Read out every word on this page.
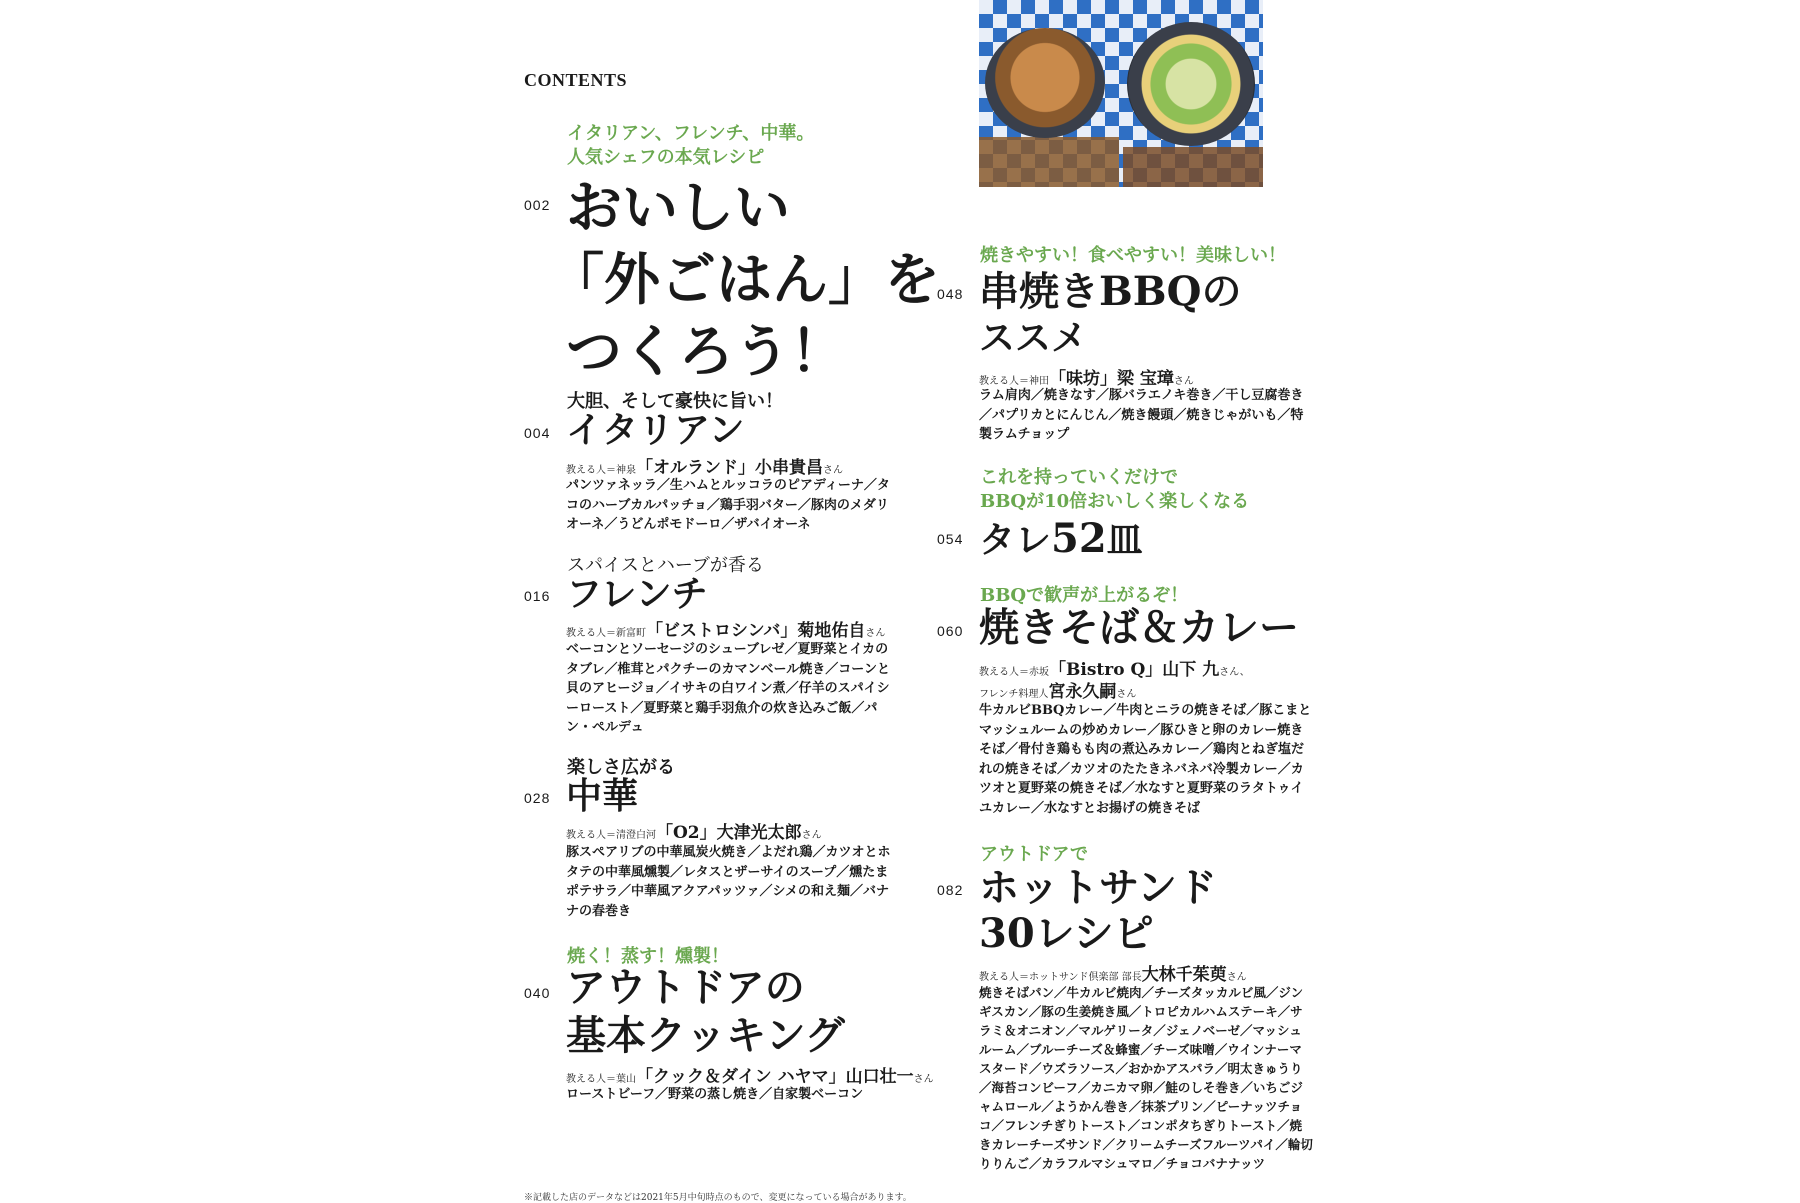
CONTENTS
イタリアン、フレンチ、中華。
人気シェフの本気レシピ
002 おいしい
「外ごはん」を
つくろう！
大胆、そして豪快に旨い！
004 イタリアン
教える人＝神泉「オルランド」小串貴昌さん
パンツァネッラ／生ハムとルッコラのピアディーナ／タコのハーブカルパッチョ／鶏手羽バター／豚肉のメダリオーネ／うどんポモドーロ／ザバイオーネ
スパイスとハーブが香る
016 フレンチ
教える人＝新富町「ビストロシンバ」菊地佑自さん
ベーコンとソーセージのシューブレゼ／夏野菜とイカのタブレ／椎茸とパクチーのカマンベール焼き／コーンと貝のアヒージョ／イサキの白ワイン煮／仔羊のスパイシーロースト／夏野菜と鶏手羽魚介の炊き込みご飯／パン・ペルデュ
楽しさ広がる
028 中華
教える人＝清澄白河「O2」大津光太郎さん
豚スペアリブの中華風炭火焼き／よだれ鶏／カツオとホタテの中華風燻製／レタスとザーサイのスープ／燻たまポテサラ／中華風アクアパッツァ／シメの和え麺／バナナの春巻き
焼く！蒸す！燻製！
040 アウトドアの
基本クッキング
教える人＝葉山「クック＆ダイン ハヤマ」山口壮一さん
ローストビーフ／野菜の蒸し焼き／自家製ベーコン
焼きやすい！食べやすい！美味しい！
048 串焼きBBQの
ススメ
教える人＝神田「味坊」梁 宝璋さん
ラム肩肉／焼きなす／豚バラエノキ巻き／干し豆腐巻き／パプリカとにんじん／焼き饅頭／焼きじゃがいも／特製ラムチョップ
これを持っていくだけで
BBQが10倍おいしく楽しくなる
054 タレ52皿
BBQで歓声が上がるぞ！
060 焼きそば＆カレー
教える人＝赤坂「Bistro Q」山下 九さん、
フレンチ料理人宮永久嗣さん
牛カルビBBQカレー／牛肉とニラの焼きそば／豚こまとマッシュルームの炒めカレー／豚ひきと卵のカレー焼きそば／骨付き鶏もも肉の煮込みカレー／鶏肉とねぎ塩だれの焼きそば／カツオのたたきネバネバ冷製カレー／カツオと夏野菜の焼きそば／水なすと夏野菜のラタトゥイユカレー／水なすとお揚げの焼きそば
アウトドアで
082 ホットサンド
30レシピ
教える人＝ホットサンド倶楽部 部長大林千茱萸さん
焼きそばパン／牛カルビ焼肉／チーズタッカルビ風／ジンギスカン／豚の生姜焼き風／トロピカルハムステーキ／サラミ＆オニオン／マルゲリータ／ジェノベーゼ／マッシュルーム／ブルーチーズ＆蜂蜜／チーズ味噌／ウインナーマスタード／ウズラソース／おかかアスパラ／明太きゅうり／海苔コンビーフ／カニカマ卵／鮭のしそ巻き／いちごジャムロール／ようかん巻き／抹茶プリン／ピーナッツチョコ／フレンチぎりトースト／コンポタちぎりトースト／焼きカレーチーズサンド／クリームチーズフルーツパイ／輪切りりんご／カラフルマシュマロ／チョコバナナッツ
※記載した店のデータなどは2021年5月中旬時点のもので、変更になっている場合があります。
